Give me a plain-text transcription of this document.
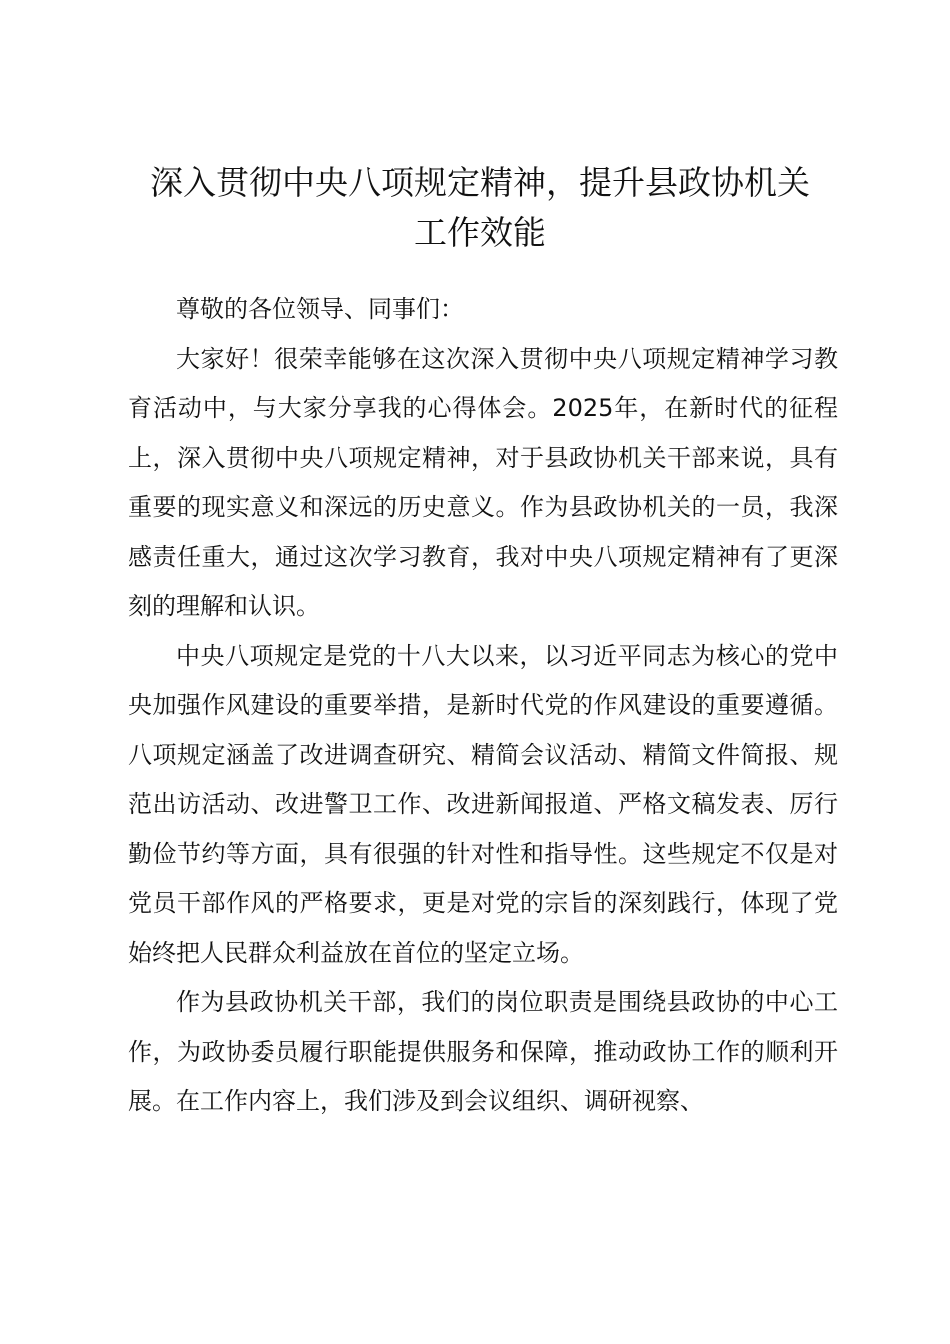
深入贯彻中央八项规定精神，提升县政协机关
工作效能

尊敬的各位领导、同事们：

大家好！很荣幸能够在这次深入贯彻中央八项规定精神学习教育活动中，与大家分享我的心得体会。2025年，在新时代的征程上，深入贯彻中央八项规定精神，对于县政协机关干部来说，具有重要的现实意义和深远的历史意义。作为县政协机关的一员，我深感责任重大，通过这次学习教育，我对中央八项规定精神有了更深刻的理解和认识。

中央八项规定是党的十八大以来，以习近平同志为核心的党中央加强作风建设的重要举措，是新时代党的作风建设的重要遵循。八项规定涵盖了改进调查研究、精简会议活动、精简文件简报、规范出访活动、改进警卫工作、改进新闻报道、严格文稿发表、厉行勤俭节约等方面，具有很强的针对性和指导性。这些规定不仅是对党员干部作风的严格要求，更是对党的宗旨的深刻践行，体现了党始终把人民群众利益放在首位的坚定立场。

作为县政协机关干部，我们的岗位职责是围绕县政协的中心工作，为政协委员履行职能提供服务和保障，推动政协工作的顺利开展。在工作内容上，我们涉及到会议组织、调研视察、
